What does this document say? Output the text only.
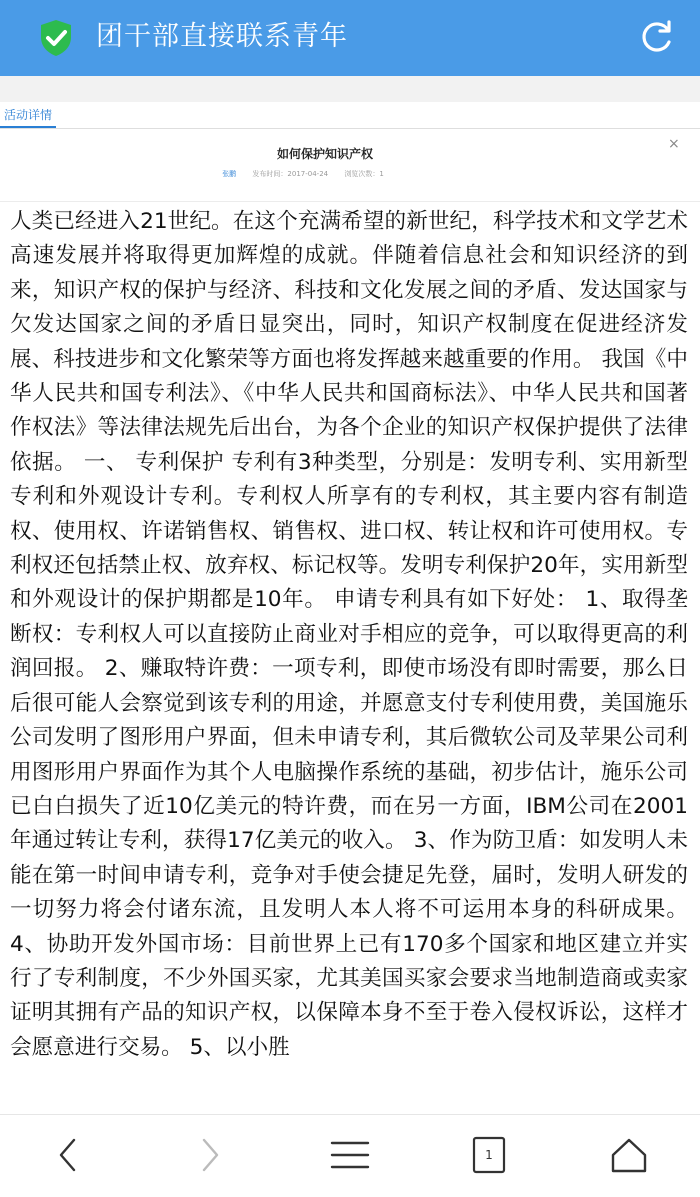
团干部直接联系青年
活动详情
×
如何保护知识产权
张鹏 发布时间：2017-04-24 浏览次数：1

人类已经进入21世纪。在这个充满希望的新世纪，科学技术和文学艺术高速发展并将取得更加辉煌的成就。伴随着信息社会和知识经济的到来，知识产权的保护与经济、科技和文化发展之间的矛盾、发达国家与欠发达国家之间的矛盾日显突出，同时，知识产权制度在促进经济发展、科技进步和文化繁荣等方面也将发挥越来越重要的作用。 我国《中华人民共和国专利法》、《中华人民共和国商标法》、中华人民共和国著作权法》等法律法规先后出台，为各个企业的知识产权保护提供了法律依据。 一、 专利保护 专利有3种类型，分别是：发明专利、实用新型专利和外观设计专利。专利权人所享有的专利权，其主要内容有制造权、使用权、许诺销售权、销售权、进口权、转让权和许可使用权。专利权还包括禁止权、放弃权、标记权等。发明专利保护20年，实用新型和外观设计的保护期都是10年。 申请专利具有如下好处： 1、取得垄断权：专利权人可以直接防止商业对手相应的竞争，可以取得更高的利润回报。 2、赚取特许费：一项专利，即使市场没有即时需要，那么日后很可能人会察觉到该专利的用途，并愿意支付专利使用费，美国施乐公司发明了图形用户界面，但未申请专利，其后微软公司及苹果公司利用图形用户界面作为其个人电脑操作系统的基础，初步估计，施乐公司已白白损失了近10亿美元的特许费，而在另一方面，IBM公司在2001年通过转让专利，获得17亿美元的收入。 3、作为防卫盾：如发明人未能在第一时间申请专利，竞争对手使会捷足先登，届时，发明人研发的一切努力将会付诸东流，且发明人本人将不可运用本身的科研成果。 4、协助开发外国市场：目前世界上已有170多个国家和地区建立并实行了专利制度，不少外国买家，尤其美国买家会要求当地制造商或卖家证明其拥有产品的知识产权，以保障本身不至于卷入侵权诉讼，这样才会愿意进行交易。 5、以小胜

1
